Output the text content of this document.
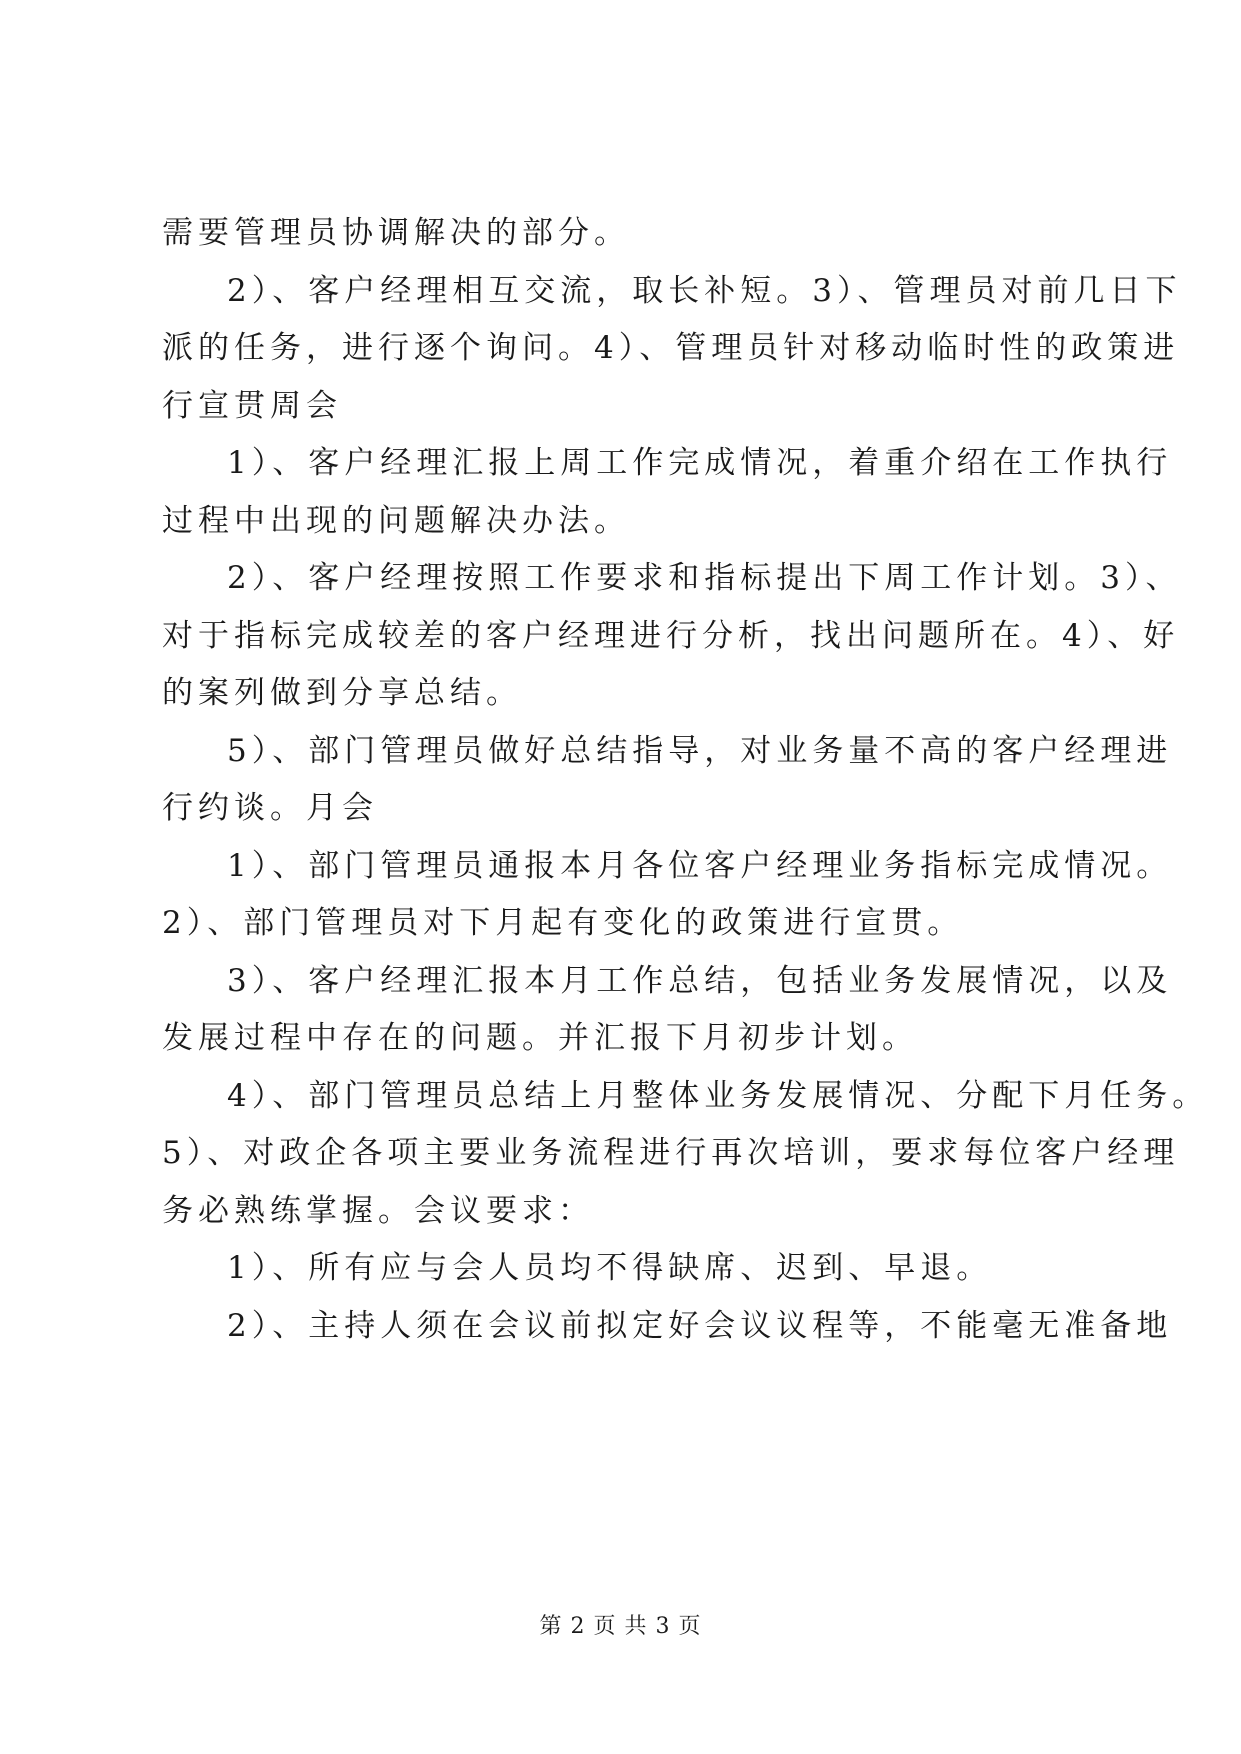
需要管理员协调解决的部分。
2）、客户经理相互交流，取长补短。3）、管理员对前几日下
派的任务，进行逐个询问。4）、管理员针对移动临时性的政策进
行宣贯周会
1）、客户经理汇报上周工作完成情况，着重介绍在工作执行
过程中出现的问题解决办法。
2）、客户经理按照工作要求和指标提出下周工作计划。3）、
对于指标完成较差的客户经理进行分析，找出问题所在。4）、好
的案列做到分享总结。
5）、部门管理员做好总结指导，对业务量不高的客户经理进
行约谈。月会
1）、部门管理员通报本月各位客户经理业务指标完成情况。
2）、部门管理员对下月起有变化的政策进行宣贯。
3）、客户经理汇报本月工作总结，包括业务发展情况，以及
发展过程中存在的问题。并汇报下月初步计划。
4）、部门管理员总结上月整体业务发展情况、分配下月任务。
5）、对政企各项主要业务流程进行再次培训，要求每位客户经理
务必熟练掌握。会议要求：
1）、所有应与会人员均不得缺席、迟到、早退。
2）、主持人须在会议前拟定好会议议程等，不能毫无准备地
第 2 页 共 3 页
